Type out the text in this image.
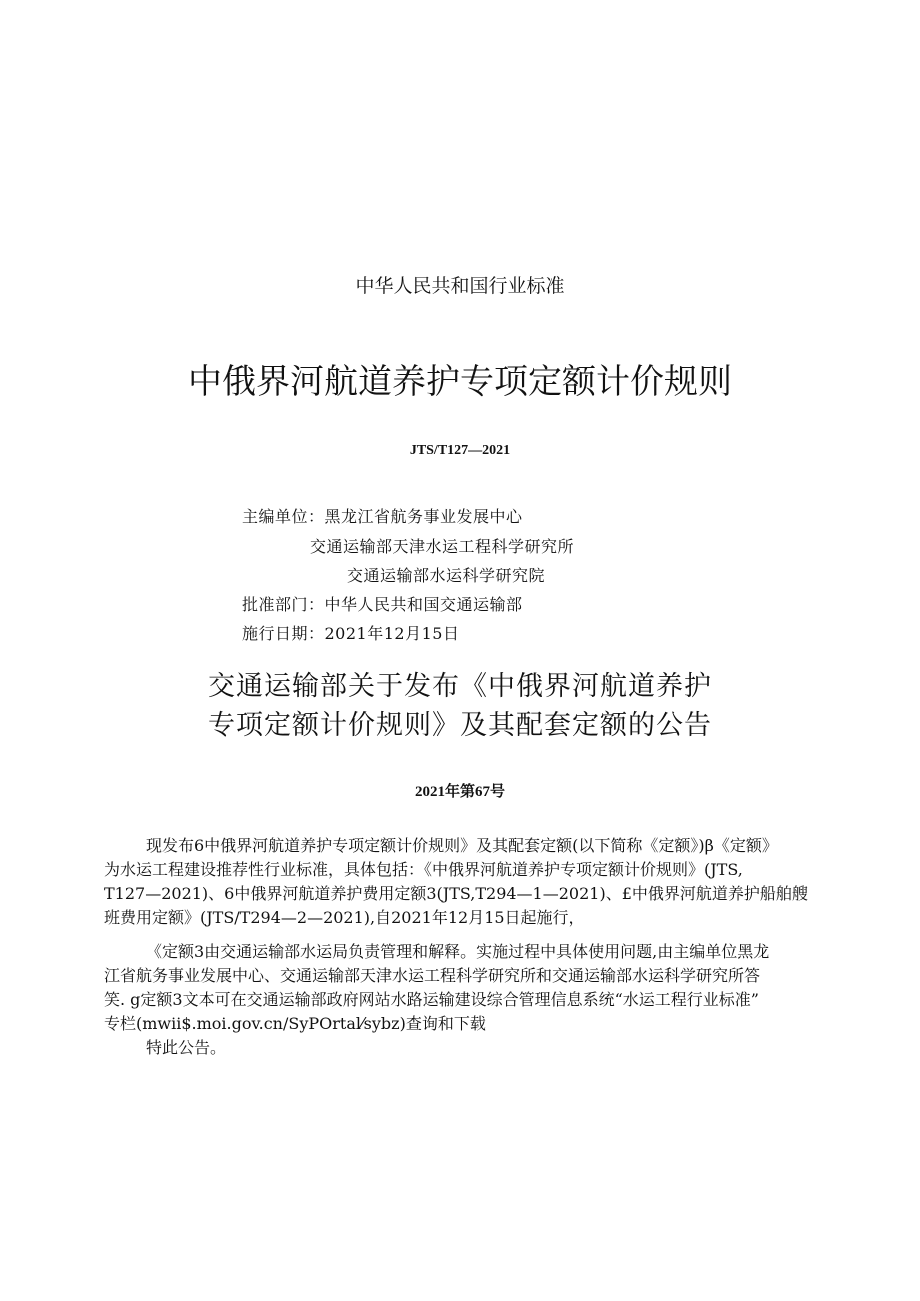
中华人民共和国行业标准
中俄界河航道养护专项定额计价规则
JTS/T127—2021
主编单位：黑龙江省航务事业发展中心
交通运输部天津水运工程科学研究所
交通运输部水运科学研究院
批准部门：中华人民共和国交通运输部
施行日期：2021年12月15日
交通运输部关于发布《中俄界河航道养护
专项定额计价规则》及其配套定额的公告
2021年第67号
现发布6中俄界河航道养护专项定额计价规则》及其配套定额(以下简称《定额》)β《定额》
为水运工程建设推荐性行业标准，具体包括：《中俄界河航道养护专项定额计价规则》(JTS,
T127—2021)、6中俄界河航道养护费用定额3(JTS,T294—1—2021)、£中俄界河航道养护船舶艘
班费用定额》(JTS/T294—2—2021),自2021年12月15日起施行，
《定额3由交通运输部水运局负责管理和解释。实施过程中具体使用问题,由主编单位黑龙
江省航务事业发展中心、交通运输部天津水运工程科学研究所和交通运输部水运科学研究所答
笑. g定额3文本可在交通运输部政府网站水路运输建设综合管理信息系统“水运工程行业标准”
专栏(mwii$.moi.gov.cn/SyPOrtal⁄sybz)查询和下载
特此公告。
